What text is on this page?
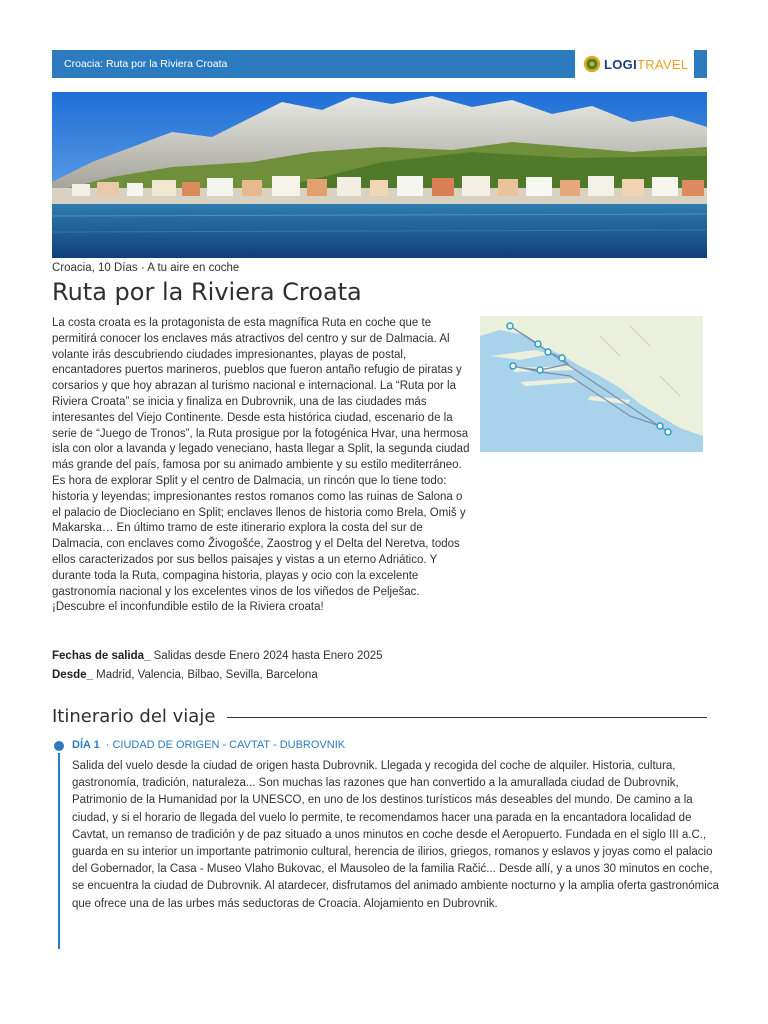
Croacia: Ruta por la Riviera Croata	LOGITRAVEL
Croacia, 10 Días · A tu aire en coche
Ruta por la Riviera Croata

La costa croata es la protagonista de esta magnífica Ruta en coche que te permitirá conocer los enclaves más atractivos del centro y sur de Dalmacia. Al volante irás descubriendo ciudades impresionantes, playas de postal, encantadores puertos marineros, pueblos que fueron antaño refugio de piratas y corsarios y que hoy abrazan al turismo nacional e internacional. La “Ruta por la Riviera Croata” se inicia y finaliza en Dubrovnik, una de las ciudades más interesantes del Viejo Continente. Desde esta histórica ciudad, escenario de la serie de “Juego de Tronos”, la Ruta prosigue por la fotogénica Hvar, una hermosa isla con olor a lavanda y legado veneciano, hasta llegar a Split, la segunda ciudad más grande del país, famosa por su animado ambiente y su estilo mediterráneo. Es hora de explorar Split y el centro de Dalmacia, un rincón que lo tiene todo: historia y leyendas; impresionantes restos romanos como las ruinas de Salona o el palacio de Diocleciano en Split; enclaves llenos de historia como Brela, Omiš y Makarska… En último tramo de este itinerario explora la costa del sur de Dalmacia, con enclaves como Živogošće, Zaostrog y el Delta del Neretva, todos ellos caracterizados por sus bellos paisajes y vistas a un eterno Adriático. Y durante toda la Ruta, compagina historia, playas y ocio con la excelente gastronomía nacional y los excelentes vinos de los viñedos de Pelješac. ¡Descubre el inconfundible estilo de la Riviera croata!

Fechas de salida_ Salidas desde Enero 2024 hasta Enero 2025
Desde_ Madrid, Valencia, Bilbao, Sevilla, Barcelona
Itinerario del viaje
DÍA 1 · CIUDAD DE ORIGEN - CAVTAT - DUBROVNIK

Salida del vuelo desde la ciudad de origen hasta Dubrovnik. Llegada y recogida del coche de alquiler. Historia, cultura, gastronomía, tradición, naturaleza... Son muchas las razones que han convertido a la amurallada ciudad de Dubrovnik, Patrimonio de la Humanidad por la UNESCO, en uno de los destinos turísticos más deseables del mundo. De camino a la ciudad, y si el horario de llegada del vuelo lo permite, te recomendamos hacer una parada en la encantadora localidad de Cavtat, un remanso de tradición y de paz situado a unos minutos en coche desde el Aeropuerto. Fundada en el siglo III a.C., guarda en su interior un importante patrimonio cultural, herencia de ilirios, griegos, romanos y eslavos y joyas como el palacio del Gobernador, la Casa - Museo Vlaho Bukovac, el Mausoleo de la familia Račić... Desde allí, y a unos 30 minutos en coche, se encuentra la ciudad de Dubrovnik. Al atardecer, disfrutamos del animado ambiente nocturno y la amplia oferta gastronómica que ofrece una de las urbes más seductoras de Croacia. Alojamiento en Dubrovnik.
